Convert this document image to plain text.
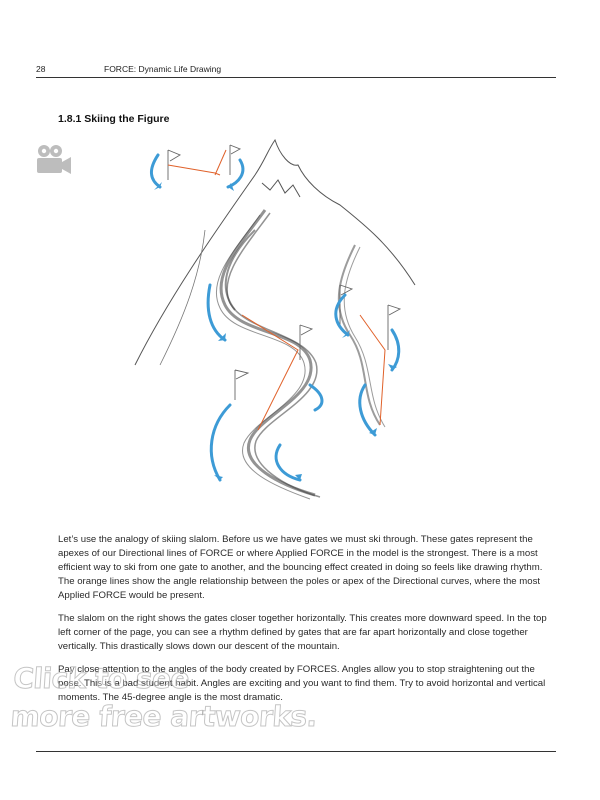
28	FORCE: Dynamic Life Drawing
1.8.1 Skiing the Figure

Let’s use the analogy of skiing slalom. Before us we have gates we must ski through. These gates represent the apexes of our Directional lines of FORCE or where Applied FORCE in the model is the strongest. There is a most efficient way to ski from one gate to another, and the bouncing effect created in doing so feels like drawing rhythm. The orange lines show the angle relationship between the poles or apex of the Directional curves, where the most Applied FORCE would be present.

The slalom on the right shows the gates closer together horizontally. This creates more downward speed. In the top left corner of the page, you can see a rhythm defined by gates that are far apart horizontally and close together vertically. This drastically slows down our descent of the mountain.

Pay close attention to the angles of the body created by FORCES. Angles allow you to stop straightening out the pose. This is a bad student habit. Angles are exciting and you want to find them. Try to avoid horizontal and vertical moments. The 45-degree angle is the most dramatic.

Click to see
more free artworks.
